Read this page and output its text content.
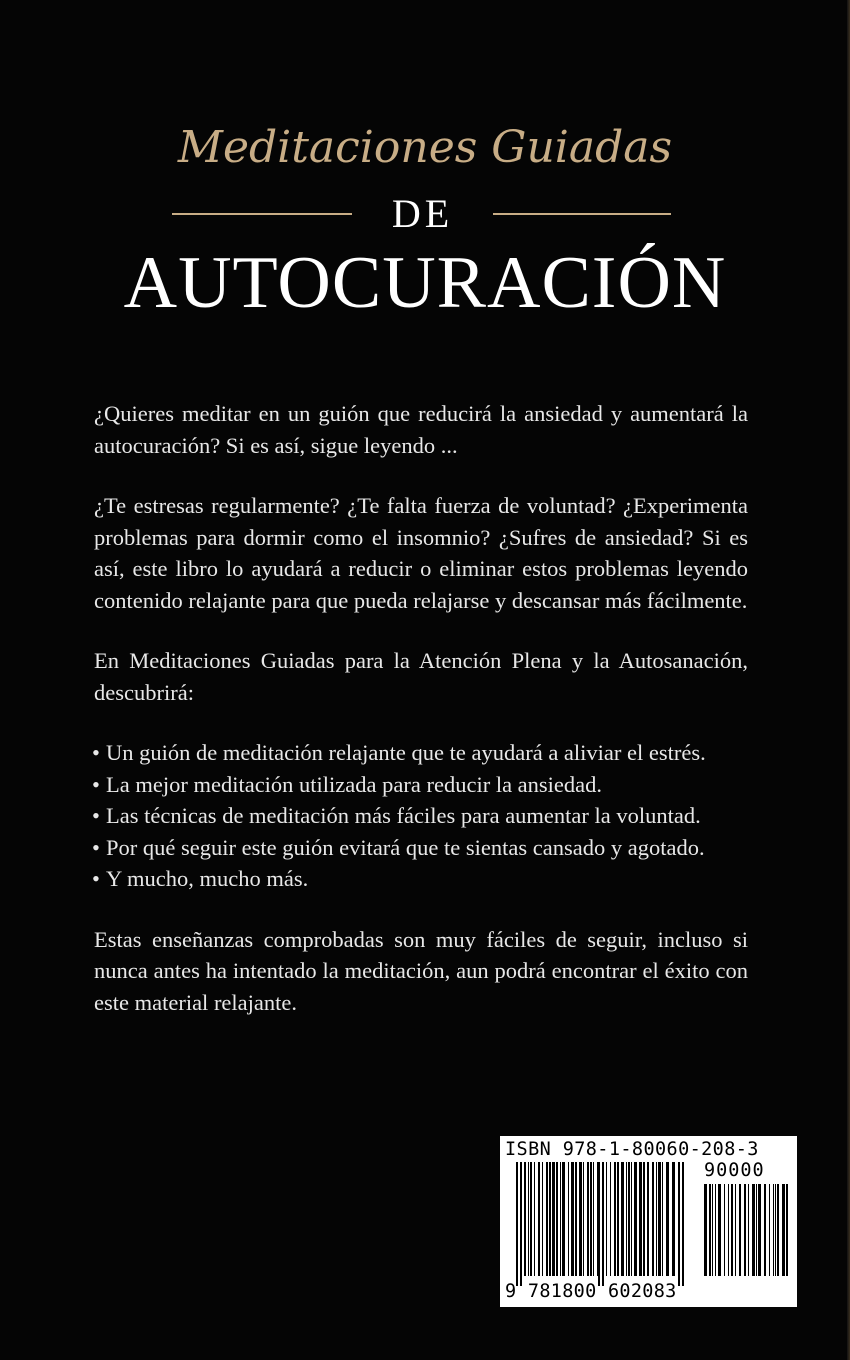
Meditaciones Guiadas
DE
AUTOCURACIÓN

¿Quieres meditar en un guión que reducirá la ansiedad y aumentará la autocuración? Si es así, sigue leyendo ...

¿Te estresas regularmente? ¿Te falta fuerza de voluntad? ¿Experimenta problemas para dormir como el insomnio? ¿Sufres de ansiedad? Si es así, este libro lo ayudará a reducir o eliminar estos problemas leyendo contenido relajante para que pueda relajarse y descansar más fácilmente.

En Meditaciones Guiadas para la Atención Plena y la Autosanación, descubrirá:

• Un guión de meditación relajante que te ayudará a aliviar el estrés.
• La mejor meditación utilizada para reducir la ansiedad.
• Las técnicas de meditación más fáciles para aumentar la voluntad.
• Por qué seguir este guión evitará que te sientas cansado y agotado.
• Y mucho, mucho más.

Estas enseñanzas comprobadas son muy fáciles de seguir, incluso si nunca antes ha intentado la meditación, aun podrá encontrar el éxito con este material relajante.

ISBN 978-1-80060-208-3
90000
9 781800 602083
